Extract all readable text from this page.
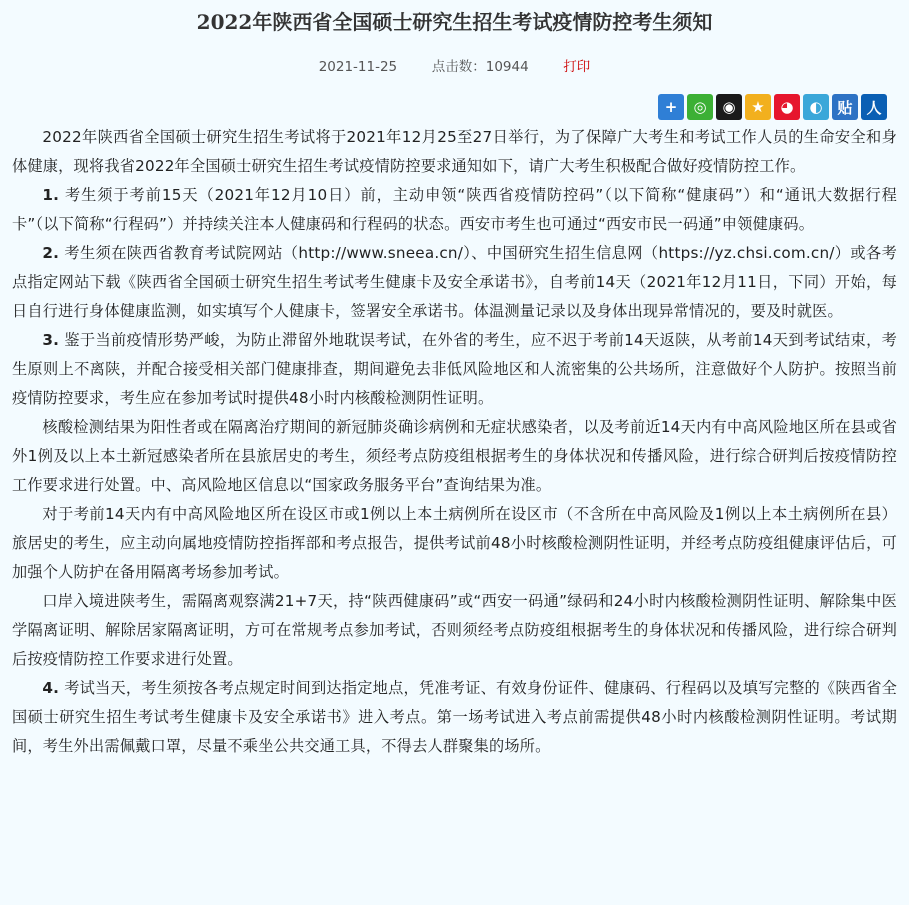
2022年陕西省全国硕士研究生招生考试疫情防控考生须知
2021-11-25	点击数：10944	打印
+ ◎ ◉ ★ ◕ ◐ 贴 人

2022年陕西省全国硕士研究生招生考试将于2021年12月25至27日举行，为了保障广大考生和考试工作人员的生命安全和身体健康，现将我省2022年全国硕士研究生招生考试疫情防控要求通知如下，请广大考生积极配合做好疫情防控工作。

1. 考生须于考前15天（2021年12月10日）前，主动申领“陕西省疫情防控码”（以下简称“健康码”）和“通讯大数据行程卡”（以下简称“行程码”）并持续关注本人健康码和行程码的状态。西安市考生也可通过“西安市民一码通”申领健康码。

2. 考生须在陕西省教育考试院网站（http://www.sneea.cn/）、中国研究生招生信息网（https://yz.chsi.com.cn/）或各考点指定网站下载《陕西省全国硕士研究生招生考试考生健康卡及安全承诺书》，自考前14天（2021年12月11日，下同）开始，每日自行进行身体健康监测，如实填写个人健康卡，签署安全承诺书。体温测量记录以及身体出现异常情况的，要及时就医。

3. 鉴于当前疫情形势严峻，为防止滞留外地耽误考试，在外省的考生，应不迟于考前14天返陕，从考前14天到考试结束，考生原则上不离陕，并配合接受相关部门健康排查，期间避免去非低风险地区和人流密集的公共场所，注意做好个人防护。按照当前疫情防控要求，考生应在参加考试时提供48小时内核酸检测阴性证明。

核酸检测结果为阳性者或在隔离治疗期间的新冠肺炎确诊病例和无症状感染者，以及考前近14天内有中高风险地区所在县或省外1例及以上本土新冠感染者所在县旅居史的考生，须经考点防疫组根据考生的身体状况和传播风险，进行综合研判后按疫情防控工作要求进行处置。中、高风险地区信息以“国家政务服务平台”查询结果为准。

对于考前14天内有中高风险地区所在设区市或1例以上本土病例所在设区市（不含所在中高风险及1例以上本土病例所在县）旅居史的考生，应主动向属地疫情防控指挥部和考点报告，提供考试前48小时核酸检测阴性证明，并经考点防疫组健康评估后，可加强个人防护在备用隔离考场参加考试。

口岸入境进陕考生，需隔离观察满21+7天，持“陕西健康码”或“西安一码通”绿码和24小时内核酸检测阴性证明、解除集中医学隔离证明、解除居家隔离证明，方可在常规考点参加考试，否则须经考点防疫组根据考生的身体状况和传播风险，进行综合研判后按疫情防控工作要求进行处置。

4. 考试当天，考生须按各考点规定时间到达指定地点，凭准考证、有效身份证件、健康码、行程码以及填写完整的《陕西省全国硕士研究生招生考试考生健康卡及安全承诺书》进入考点。第一场考试进入考点前需提供48小时内核酸检测阴性证明。考试期间，考生外出需佩戴口罩，尽量不乘坐公共交通工具，不得去人群聚集的场所。
